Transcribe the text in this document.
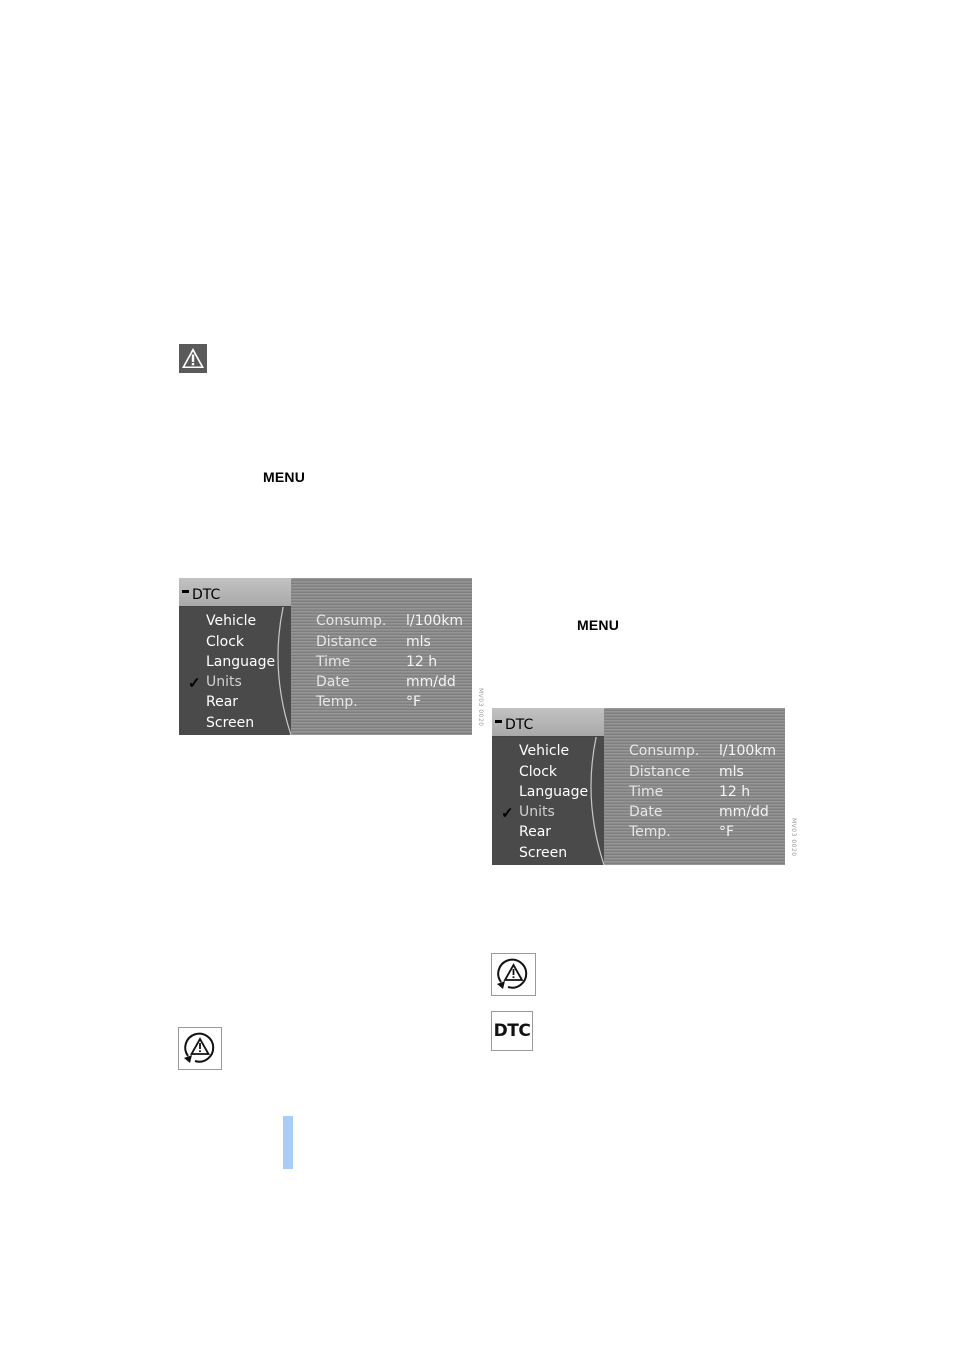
MENU
MENU
DTC
Vehicle
Clock
Language
✓ Units
Rear
Screen
Consump. l/100km
Distance mls
Time	12 h
Date	mm/dd
Temp.	°F	MV03 0020 DTC
Vehicle
Clock
Language
✓ Units
Rear
Screen
Consump. l/100km
Distance mls
Time	12 h
Date	mm/dd
Temp.	°F	MV03 0020
DTC
